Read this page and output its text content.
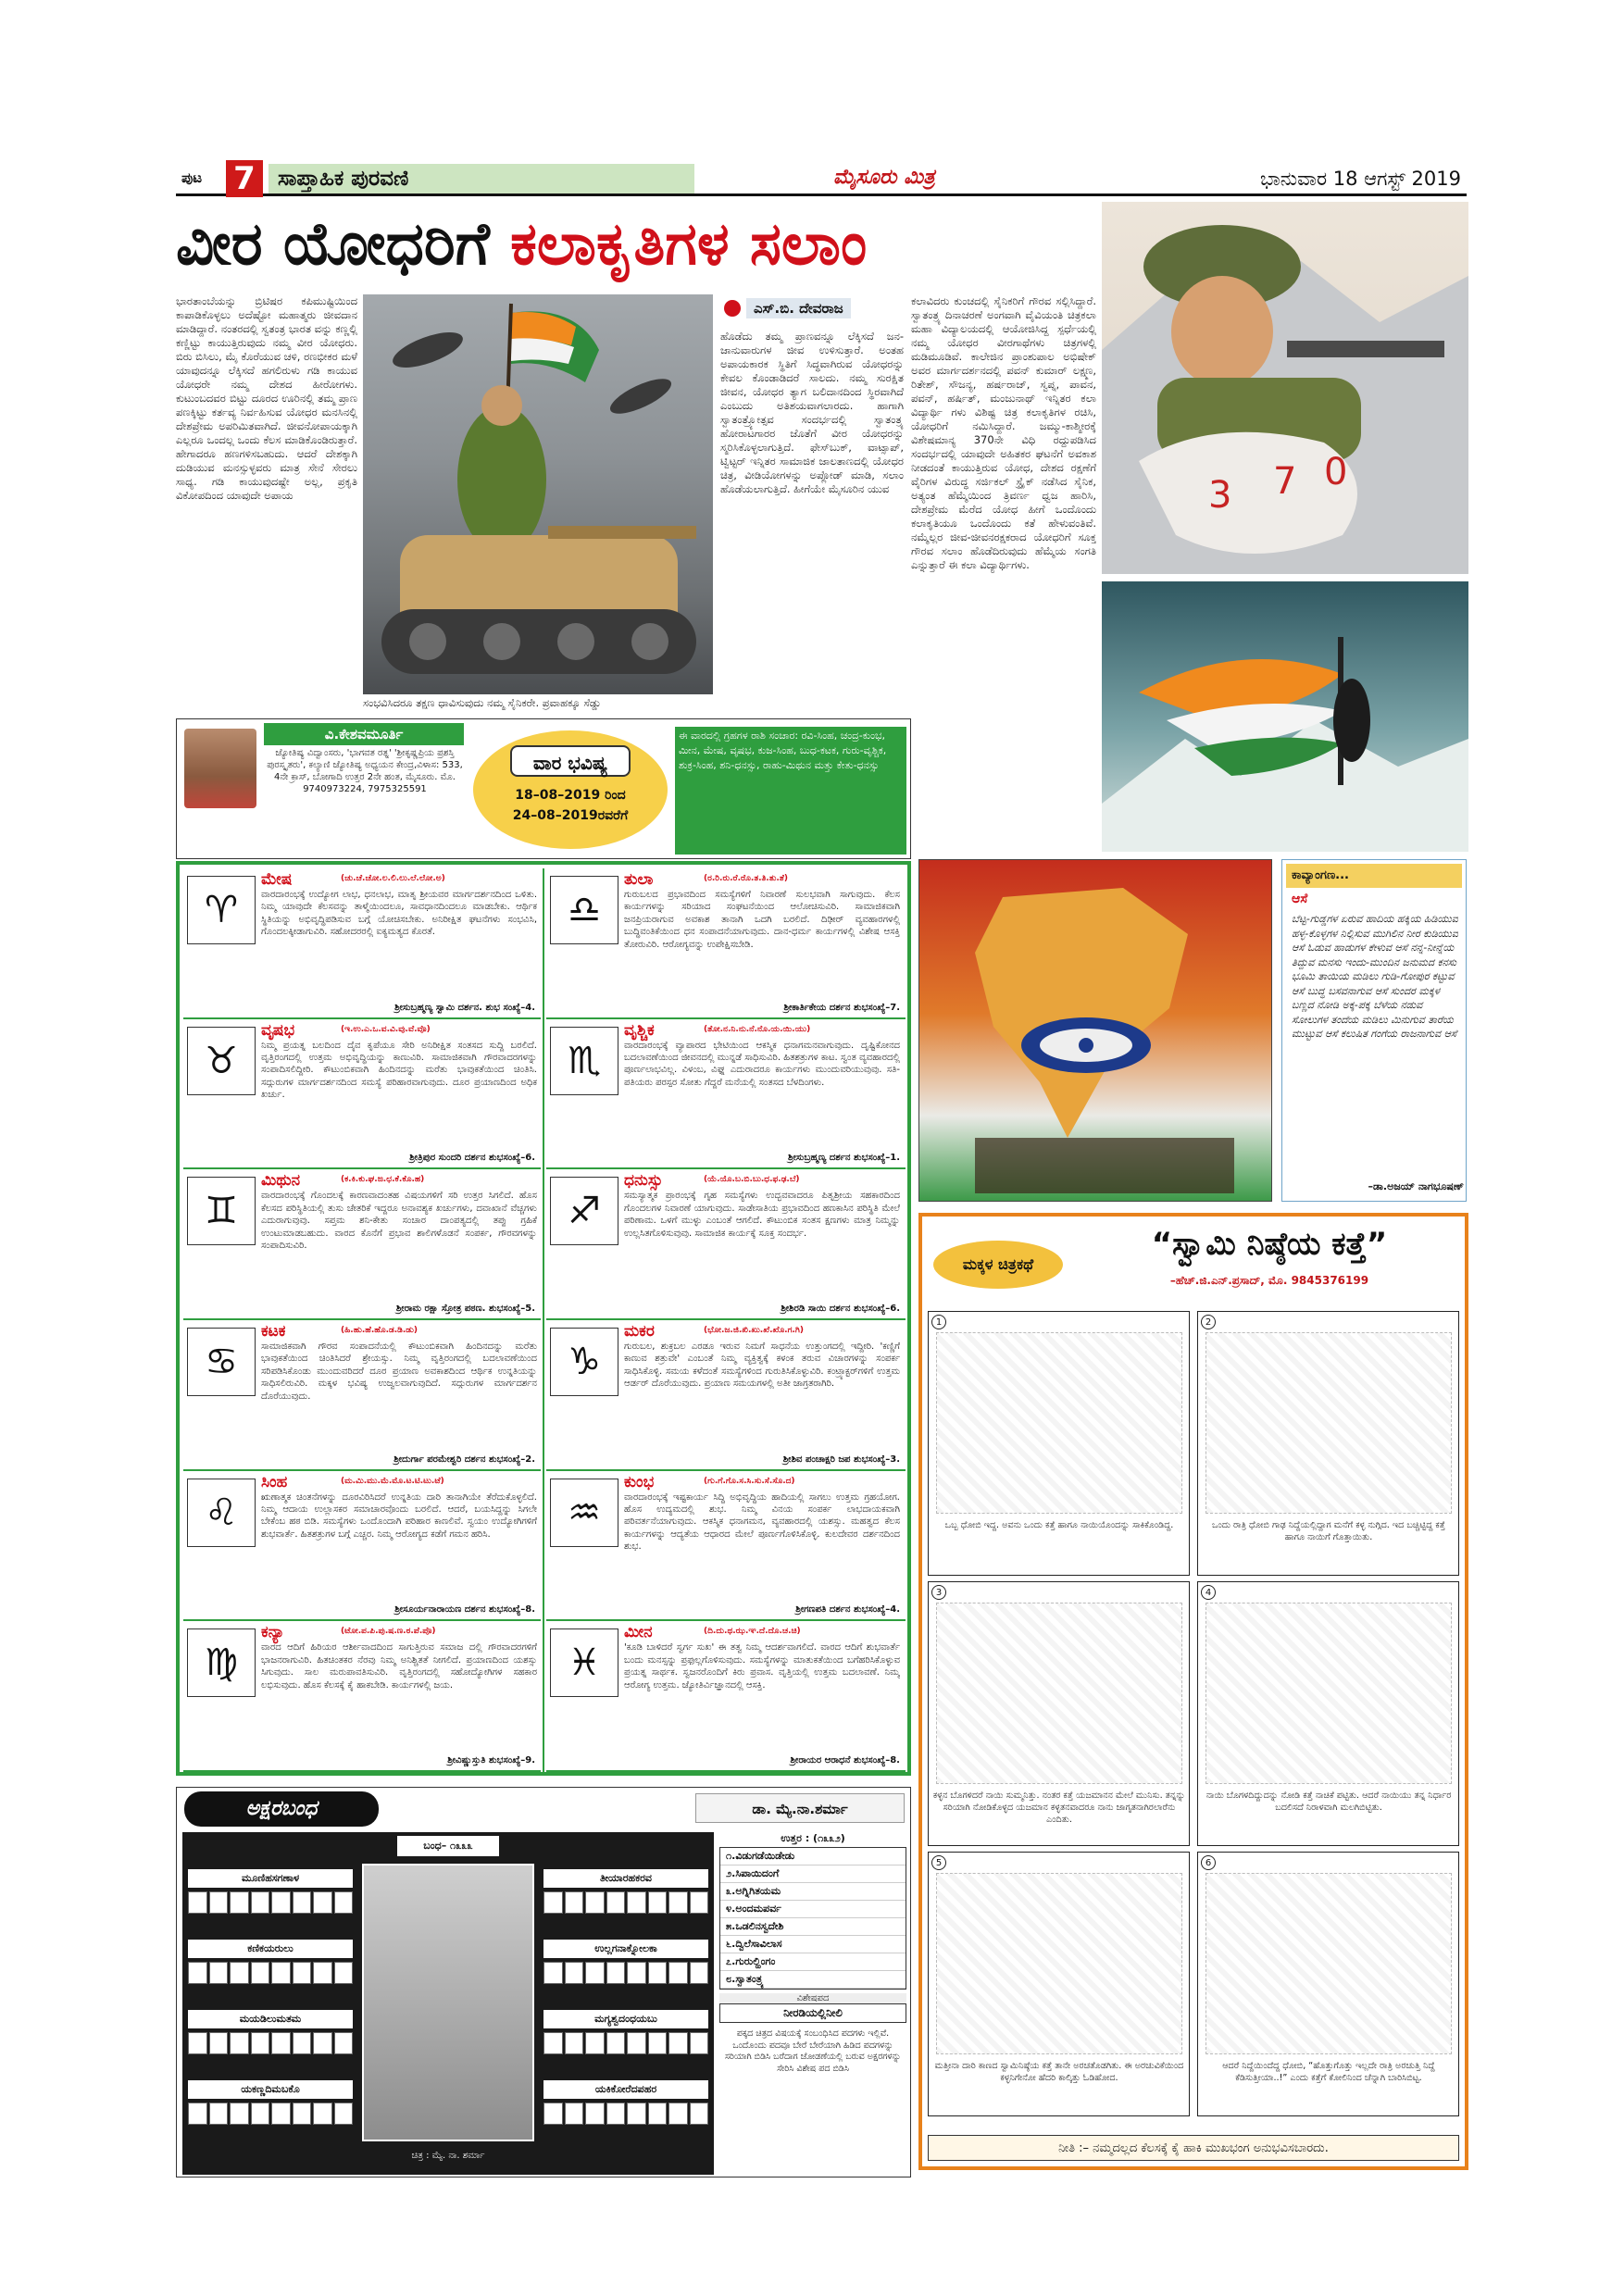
ಪುಟ 7	ಸಾಪ್ತಾಹಿಕ ಪುರವಣಿ	ಮೈಸೂರು ಮಿತ್ರ	ಭಾನುವಾರ 18 ಆಗಸ್ಟ್ 2019
ವೀರ ಯೋಧರಿಗೆ ಕಲಾಕೃತಿಗಳ ಸಲಾಂ
ಭಾರತಾಂಬೆಯನ್ನು ಬ್ರಿಟಿಷರ ಕಪಿಮುಷ್ಟಿಯಿಂದ ಕಾಪಾಡಿಕೊಳ್ಳಲು ಅದೆಷ್ಟೋ ಮಹಾತ್ಮರು ಜೀವದಾನ ಮಾಡಿದ್ದಾರೆ. ನಂತರದಲ್ಲಿ ಸ್ವತಂತ್ರ ಭಾರತ ವನ್ನು ಕಣ್ಣಲ್ಲಿ ಕಣ್ಣಿಟ್ಟು ಕಾಯುತ್ತಿರುವುದು ನಮ್ಮ ವೀರ ಯೋಧರು. ಬಿರು ಬಿಸಿಲು, ಮೈ ಕೊರೆಯುವ ಚಳಿ, ರಣಭೀಕರ ಮಳೆ ಯಾವುದನ್ನೂ ಲೆಕ್ಕಿಸದೆ ಹಗಲಿರುಳು ಗಡಿ ಕಾಯುವ ಯೋಧರೇ ನಮ್ಮ ದೇಶದ ಹೀರೋಗಳು. ಕುಟುಂಬದವರ ಬಿಟ್ಟು ದೂರದ ಊರಿನಲ್ಲಿ ತಮ್ಮ ಪ್ರಾಣ ಪಣಕ್ಕಿಟ್ಟು ಕರ್ತವ್ಯ ನಿರ್ವಹಿಸುವ ಯೋಧರ ಮನಸಿನಲ್ಲಿ ದೇಶಪ್ರೇಮ ಅಪರಿಮಿತವಾಗಿದೆ. ಜೀವನೋಪಾಯಕ್ಕಾಗಿ ಎಲ್ಲರೂ ಒಂದಲ್ಲ ಒಂದು ಕೆಲಸ ಮಾಡಿಕೊಂಡಿರುತ್ತಾರೆ. ಹೇಗಾದರೂ ಹಣಗಳಿಸಬಹುದು. ಆದರೆ ದೇಶಕ್ಕಾಗಿ ದುಡಿಯುವ ಮನಸ್ಸುಳ್ಳವರು ಮಾತ್ರ ಸೇನೆ ಸೇರಲು ಸಾಧ್ಯ. ಗಡಿ ಕಾಯುವುದಷ್ಟೇ ಅಲ್ಲ, ಪ್ರಕೃತಿ ವಿಕೋಪದಿಂದ ಯಾವುದೇ ಅಪಾಯ
ಸಂಭವಿಸಿದರೂ ತಕ್ಷಣ ಧಾವಿಸುವುದು ನಮ್ಮ ಸೈನಿಕರೇ. ಪ್ರವಾಹಕ್ಕೂ ಸೆಡ್ಡು
ಎಸ್.ಬಿ. ದೇವರಾಜ
ಹೊಡೆದು ತಮ್ಮ ಪ್ರಾಣವನ್ನೂ ಲೆಕ್ಕಿಸದೆ ಜನ-ಜಾನುವಾರುಗಳ ಜೀವ ಉಳಿಸುತ್ತಾರೆ. ಅಂತಹ ಅಪಾಯಕಾರಕ ಸ್ಥಿತಿಗೆ ಸಿದ್ಧವಾಗಿರುವ ಯೋಧರನ್ನು ಕೇವಲ ಕೊಂಡಾಡಿದರೆ ಸಾಲದು. ನಮ್ಮ ಸುರಕ್ಷಿತ ಜೀವನ, ಯೋಧರ ತ್ಯಾಗ ಬಲಿದಾನದಿಂದ ಸ್ಥಿರವಾಗಿದೆ ಎಂಬುದು ಅತಿಶಯವಾಗಲಾರದು. ಹಾಗಾಗಿ ಸ್ವಾತಂತ್ರ್ಯೋತ್ಸವ ಸಂದರ್ಭದಲ್ಲಿ ಸ್ವಾತಂತ್ರ್ಯ ಹೋರಾಟಗಾರರ ಜೊತೆಗೆ ವೀರ ಯೋಧರನ್ನು ಸ್ಮರಿಸಿಕೊಳ್ಳಲಾಗುತ್ತಿದೆ. ಫೇಸ್‌ಬುಕ್, ವಾಟ್ಸಾಪ್, ಟ್ವಿಟ್ಟರ್ ಇನ್ನಿತರ ಸಾಮಾಜಿಕ ಜಾಲತಾಣದಲ್ಲಿ ಯೋಧರ ಚಿತ್ರ, ವೀಡಿಯೋಗಳನ್ನು ಅಪ್ಲೋಡ್ ಮಾಡಿ, ಸಲಾಂ ಹೊಡೆಯಲಾಗುತ್ತಿದೆ. ಹೀಗೆಯೇ ಮೈಸೂರಿನ ಯುವ
ಕಲಾವಿದರು ಕುಂಚದಲ್ಲಿ ಸೈನಿಕರಿಗೆ ಗೌರವ ಸಲ್ಲಿಸಿದ್ದಾರೆ. ಸ್ವಾತಂತ್ರ್ಯ ದಿನಾಚರಣೆ ಅಂಗವಾಗಿ ವೈವಿಯಂತಿ ಚಿತ್ರಕಲಾ ಮಹಾ ವಿದ್ಯಾಲಯದಲ್ಲಿ ಆಯೋಜಿಸಿದ್ದ ಸ್ಪರ್ಧೆಯಲ್ಲಿ ನಮ್ಮ ಯೋಧರ ವೀರಗಾಥೆಗಳು ಚಿತ್ರಗಳಲ್ಲಿ ಮಡಿಮೂಡಿವೆ. ಕಾಲೇಜಿನ ಪ್ರಾಂಶುಪಾಲ ಅಭಿಷೇಕ್ ಅವರ ಮಾರ್ಗದರ್ಶನದಲ್ಲಿ ಪವನ್ ಕುಮಾರ್ ಲಕ್ಷ್ಮಣ, ರಿತೇಶ್, ಸೌಜನ್ಯ, ಹರ್ಷರಾಜ್, ಸ್ವಪ್ನ, ಪಾವನ, ಪವನ್, ಹರ್ಷಿತ್, ಮಂಜುನಾಥ್ ಇನ್ನಿತರ ಕಲಾ ವಿದ್ಯಾರ್ಥಿ ಗಳು ವಿಶಿಷ್ಟ ಚಿತ್ರ ಕಲಾಕೃತಿಗಳ ರಚಿಸಿ, ಯೋಧರಿಗೆ ನಮಿಸಿದ್ದಾರೆ. ಜಮ್ಮು-ಕಾಶ್ಮೀರಕ್ಕೆ ವಿಶೇಷಮಾನ್ಯ 370ನೇ ವಿಧಿ ರದ್ದುಪಡಿಸಿದ ಸಂದರ್ಭದಲ್ಲಿ ಯಾವುದೇ ಅಹಿತಕರ ಘಟನೆಗೆ ಅವಕಾಶ ನೀಡದಂತೆ ಕಾಯುತ್ತಿರುವ ಯೋಧ, ದೇಶದ ರಕ್ಷಣೆಗೆ ವೈರಿಗಳ ವಿರುದ್ಧ ಸರ್ಜಿಕಲ್ ಸ್ಟ್ರೈಕ್ ನಡೆಸಿದ ಸೈನಿಕ, ಅತ್ಯಂತ ಹೆಮ್ಮೆಯಿಂದ ತ್ರಿವರ್ಣ ಧ್ವಜ ಹಾರಿಸಿ, ದೇಶಪ್ರೇಮ ಮೆರೆದ ಯೋಧ ಹೀಗೆ ಒಂದೊಂದು ಕಲಾಕೃತಿಯೂ ಒಂದೊಂದು ಕತೆ ಹೇಳುವಂತಿವೆ. ನಮ್ಮೆಲ್ಲರ ಜೀವ-ಜೀವನರಕ್ಷಕರಾದ ಯೋಧರಿಗೆ ಸೂಕ್ತ ಗೌರವ ಸಲಾಂ ಹೊಡೆದಿರುವುದು ಹೆಮ್ಮೆಯ ಸಂಗತಿ ಎನ್ನುತ್ತಾರೆ ಈ ಕಲಾ ವಿದ್ಯಾರ್ಥಿಗಳು.
3 7 0
ವಿ.ಕೇಶವಮೂರ್ತಿ
ಜ್ಯೋತಿಷ್ಯ ವಿದ್ವಾಂಸರು, 'ಭಾಗವತ ರತ್ನ' 'ಶ್ರೀಕೃಷ್ಣಪ್ರಿಯ ಪ್ರಶಸ್ತಿ ಪುರಸ್ಕೃತರು', ಕಲ್ಯಾಣಿ ಜ್ಯೋತಿಷ್ಯ ಅಧ್ಯಯನ ಕೇಂದ್ರ,ವಿಳಾಸ: 533, 4ನೇ ಕ್ರಾಸ್, ಬೋಗಾದಿ ಉತ್ತರ 2ನೇ ಹಂತ, ಮೈಸೂರು. ಮೊ. 9740973224, 7975325591
ವಾರ ಭವಿಷ್ಯ
18–08–2019 ರಿಂದ
24–08–2019ರವರೆಗೆ
ಈ ವಾರದಲ್ಲಿ ಗ್ರಹಗಳ ರಾಶಿ ಸಂಚಾರ: ರವಿ-ಸಿಂಹ, ಚಂದ್ರ-ಕುಂಭ, ಮೀನ, ಮೇಷ, ವೃಷಭ, ಕುಜ-ಸಿಂಹ, ಬುಧ-ಕಟಕ, ಗುರು-ವೃಶ್ಚಿಕ, ಶುಕ್ರ-ಸಿಂಹ, ಶನಿ-ಧನಸ್ಸು, ರಾಹು-ಮಿಥುನ ಮತ್ತು ಕೇತು-ಧನಸ್ಸು
♈
ಮೇಷ	(ಚು.ಚೆ.ಚೋ.ಲ.ಲಿ.ಲು.ಲೆ.ಲೋ.ಅ)
ವಾರದಾರಂಭಕ್ಕೆ ಉದ್ಯೋಗ ಲಾಭ, ಧನಲಾಭ, ಮಾತೃ ಶ್ರೀಯವರ ಮಾರ್ಗದರ್ಶನದಿಂದ ಒಳಿತು. ನಿಮ್ಮ ಯಾವುದೇ ಕೆಲಸವನ್ನು ತಾಳ್ಮೆಯಿಂದಲೂ, ಸಾವಧಾನದಿಂದಲೂ ಮಾಡಬೇಕು. ಆರ್ಥಿಕ ಸ್ಥಿತಿಯನ್ನು ಅಭಿವೃದ್ಧಿಪಡಿಸುವ ಬಗ್ಗೆ ಯೋಚಿಸಬೇಕು. ಅನಿರೀಕ್ಷಿತ ಘಟನೆಗಳು ಸಂಭವಿಸಿ, ಗೊಂದಲಕ್ಕೀಡಾಗುವಿರಿ. ಸಹೋದರರಲ್ಲಿ ಐಕ್ಯಮತ್ಯದ ಕೊರತೆ.
ಶ್ರೀಸುಬ್ರಹ್ಮಣ್ಯ ಸ್ವಾಮಿ ದರ್ಶನ. ಶುಭ ಸಂಖ್ಯೆ–4.
♉
ವೃಷಭ	(ಇ.ಉ.ಎ.ಒ.ವ.ವಿ.ವು.ವೆ.ವೊ)
ನಿಮ್ಮ ಪ್ರಯತ್ನ ಬಲದಿಂದ ದೈವ ಕೃಪೆಯೂ ಸೇರಿ ಅನಿರೀಕ್ಷಿತ ಸಂತಸದ ಸುದ್ದಿ ಬರಲಿದೆ. ವೃತ್ತಿರಂಗದಲ್ಲಿ ಉತ್ತಮ ಅಭಿವೃದ್ಧಿಯನ್ನು ಕಾಣುವಿರಿ. ಸಾಮಾಜಿಕವಾಗಿ ಗೌರವಾದರಗಳನ್ನು ಸಂಪಾದಿಸಲಿದ್ದೀರಿ. ಕೌಟುಂಬಿಕವಾಗಿ ಹಿಂದಿನದನ್ನು ಮರೆತು ಭಾವುಕತೆಯಿಂದ ಚಿಂತಿಸಿ. ಸದ್ಗುರುಗಳ ಮಾರ್ಗದರ್ಶನದಿಂದ ಸಮಸ್ಯೆ ಪರಿಹಾರವಾಗುವುದು. ದೂರ ಪ್ರಯಾಣದಿಂದ ಅಧಿಕ ಖರ್ಚು.
ಶ್ರೀತ್ರಿಪುರ ಸುಂದರಿ ದರ್ಶನ ಶುಭಸಂಖ್ಯೆ–6.
♊
ಮಿಥುನ	(ಕ.ಕಿ.ಕು.ಘ.ಙ.ಛ.ಕೆ.ಕೊ.ಹ)
ವಾರದಾರಂಭಕ್ಕೆ ಗೊಂದಲಕ್ಕೆ ಕಾರಣವಾದಂತಹ ವಿಷಯಗಳಿಗೆ ಸರಿ ಉತ್ತರ ಸಿಗಲಿದೆ. ಹೊಸ ಕೆಲಸದ ಪರಿಸ್ಥಿತಿಯಲ್ಲಿ ತುಸು ಚೇತರಿಕೆ ಇದ್ದರೂ ಅನಾವಶ್ಯಕ ಖರ್ಚುಗಳು, ದವಾಖಾನೆ ವೆಚ್ಚಗಳು ಎದುರಾಗುವುವು. ಸಪ್ತಮ ಶನಿ-ಕೇತು ಸಂಚಾರ ದಾಂಪತ್ಯದಲ್ಲಿ ತಪ್ಪು ಗ್ರಹಿಕೆ ಉಂಟುಮಾಡಬಹುದು. ವಾರದ ಕೊನೆಗೆ ಪ್ರಭಾವ ಶಾಲಿಗಳೊಡನೆ ಸಂಪರ್ಕ, ಗೌರವಗಳನ್ನು ಸಂಪಾದಿಸುವಿರಿ.
ಶ್ರೀರಾಮ ರಕ್ಷಾ ಸ್ತೋತ್ರ ಪಠಣ. ಶುಭಸಂಖ್ಯೆ–5.
♋
ಕಟಕ	(ಹಿ.ಹು.ಹೆ.ಹೊ.ಡ.ಡಿ.ಡು)
ಸಾಮಾಜಿಕವಾಗಿ ಗೌರವ ಸಂಪಾದನೆಯಲ್ಲಿ ಕೌಟುಂಬಿಕವಾಗಿ ಹಿಂದಿನದನ್ನು ಮರೆತು ಭಾವುಕತೆಯಿಂದ ಚಿಂತಿಸಿದರೆ ಶ್ರೇಯಸ್ಸು. ನಿಮ್ಮ ವೃತ್ತಿರಂಗದಲ್ಲಿ ಬದಲಾವಣೆಯಿಂದ ಸರಿಪಡಿಸಿಕೊಂಡು ಮುಂದುವರಿದರೆ ದೂರ ಪ್ರಯಾಣ ಅವಕಾಶದಿಂದ ಆರ್ಥಿಕ ಉನ್ನತಿಯನ್ನು ಸಾಧಿಸಲಿರುವಿರಿ. ಮಕ್ಕಳ ಭವಿಷ್ಯ ಉಜ್ವಲವಾಗುವುದಿದೆ. ಸದ್ಗುರುಗಳ ಮಾರ್ಗದರ್ಶನ ದೊರೆಯುವುದು.
ಶ್ರೀದುರ್ಗಾ ಪರಮೇಶ್ವರಿ ದರ್ಶನ ಶುಭಸಂಖ್ಯೆ–2.
♌
ಸಿಂಹ	(ಮ.ಮಿ.ಮು.ಮೆ.ಮೊ.ಟ.ಟಿ.ಟು.ಟೆ)
ಋಣಾತ್ಮಕ ಚಿಂತನೆಗಳನ್ನು ದೂರವಿರಿಸಿದರೆ ಉನ್ನತಿಯ ದಾರಿ ತಾನಾಗಿಯೇ ತೆರೆದುಕೊಳ್ಳಲಿದೆ. ನಿಮ್ಮ ಆದಾಯ ಉಲ್ಲಾಸಕರ ಸಮಾಚಾರವೊಂದು ಬರಲಿದೆ. ಆದರೆ, ಬಯಸಿದ್ದನ್ನು ಸಿಗಲೇ ಬೇಕೆಂಬ ಹಠ ಬಿಡಿ. ಸಮಸ್ಯೆಗಳು ಒಂದೊಂದಾಗಿ ಪರಿಹಾರ ಕಾಣಲಿವೆ. ಸ್ವಯಂ ಉದ್ಯೋಗಿಗಳಿಗೆ ಶುಭವಾರ್ತೆ. ಹಿತಶತ್ರುಗಳ ಬಗ್ಗೆ ಎಚ್ಚರ. ನಿಮ್ಮ ಆರೋಗ್ಯದ ಕಡೆಗೆ ಗಮನ ಹರಿಸಿ.
ಶ್ರೀಸೂರ್ಯನಾರಾಯಣ ದರ್ಶನ ಶುಭಸಂಖ್ಯೆ–8.
♍
ಕನ್ಯಾ	(ಟೋ.ಪ.ಪಿ.ಪು.ಷ.ಣ.ಠ.ಪೆ.ಪೊ)
ವಾರದ ಆದಿಗೆ ಹಿರಿಯರ ಆರ್ಶೀವಾದದಿಂದ ಸಾಗುತ್ತಿರುವ ಸಮಾಜ ದಲ್ಲಿ ಗೌರವಾದರಗಳಿಗೆ ಭಾಜನರಾಗುವಿರಿ. ಹಿತಚಿಂತಕರ ನೆರವು ನಿಮ್ಮ ಅನಿಶ್ಚಿತತೆ ನೀಗಲಿದೆ. ಪ್ರಯಾಣದಿಂದ ಯಶಸ್ಸು ಸಿಗುವುದು. ಸಾಲ ಮರುಪಾವತಿಸುವಿರಿ. ವೃತ್ತಿರಂಗದಲ್ಲಿ ಸಹೋದ್ಯೋಗಿಗಳ ಸಹಕಾರ ಲಭಿಸುವುದು. ಹೊಸ ಕೆಲಸಕ್ಕೆ ಕೈ ಹಾಕಬೇಡಿ. ಕಾರ್ಯಗಳಲ್ಲಿ ಜಯ.
ಶ್ರೀವಿಷ್ಣುಸ್ತುತಿ ಶುಭಸಂಖ್ಯೆ–9.
♎
ತುಲಾ	(ರ.ರಿ.ರು.ರೆ.ರೊ.ತ.ತಿ.ತು.ತೆ)
ಗುರುಬಲದ ಪ್ರಭಾವದಿಂದ ಸಮಸ್ಯೆಗಳಿಗೆ ನಿವಾರಣೆ ಸುಲಭವಾಗಿ ಸಾಗುವುದು. ಕೆಲಸ ಕಾರ್ಯಗಳನ್ನು ಸರಿಯಾದ ಸಂಘಟನೆಯಿಂದ ಆಲೋಚಿಸುವಿರಿ. ಸಾಮಾಜಿಕವಾಗಿ ಜನಪ್ರಿಯರಾಗುವ ಅವಕಾಶ ತಾನಾಗಿ ಒದಗಿ ಬರಲಿದೆ. ದಿಢೀರ್ ವ್ಯವಹಾರಗಳಲ್ಲಿ ಬುದ್ಧಿವಂತಿಕೆಯಿಂದ ಧನ ಸಂಪಾದನೆಯಾಗುವುದು. ದಾನ-ಧರ್ಮ ಕಾರ್ಯಗಳಲ್ಲಿ ವಿಶೇಷ ಆಸಕ್ತಿ ತೋರುವಿರಿ. ಆರೋಗ್ಯವನ್ನು ಉಪೇಕ್ಷಿಸಬೇಡಿ.
ಶ್ರೀಕಾರ್ತಿಕೇಯ ದರ್ಶನ ಶುಭಸಂಖ್ಯೆ–7.
♏
ವೃಶ್ಚಿಕ	(ತೋ.ನ.ನಿ.ನು.ನೆ.ನೊ.ಯ.ಯಿ.ಯು)
ವಾರದಾರಂಭಕ್ಕೆ ವ್ಯಾಪಾರದ ಭೇಟಿಯಿಂದ ಆಕಸ್ಮಿಕ ಧನಾಗಮನವಾಗುವುದು. ದೃಷ್ಟಿಕೋನದ ಬದಲಾವಣೆಯಿಂದ ಜೀವನದಲ್ಲಿ ಮುನ್ನಡೆ ಸಾಧಿಸುವಿರಿ. ಹಿತಶತ್ರುಗಳ ಕಾಟ. ಸ್ವಂತ ವ್ಯವಹಾರದಲ್ಲಿ ಪೂರ್ಣಲಾಭವಿಲ್ಲ. ವಿಳಂಬ, ವಿಘ್ನ ಎದುರಾದರೂ ಕಾರ್ಯಗಳು ಮುಂದುವರಿಯುವುವು. ಸತಿ-ಪತಿಯರು ಪರಸ್ಪರ ಸೋತು ಗೆದ್ದರೆ ಮನೆಯಲ್ಲಿ ಸಂತಸದ ಬೆಳದಿಂಗಳು.
ಶ್ರೀಸುಬ್ರಹ್ಮಣ್ಯ ದರ್ಶನ ಶುಭಸಂಖ್ಯೆ–1.
♐
ಧನುಸ್ಸು	(ಯೆ.ಯೊ.ಬ.ಬಿ.ಬು.ಧ.ಫ.ಢ.ಬೆ)
ಸಮಸ್ಯಾತ್ಮಕ ಪ್ರಾರಂಭಕ್ಕೆ ಗೃಹ ಸಮಸ್ಯೆಗಳು ಉದ್ಭವವಾದರೂ ಪಿತೃಶ್ರೀಯ ಸಹಕಾರದಿಂದ ಗೊಂದಲಗಳ ನಿವಾರಣೆ ಯಾಗುವುದು. ಸಾಡೇಸಾತಿಯ ಪ್ರಭಾವದಿಂದ ಹಣಕಾಸಿನ ಪರಿಸ್ಥಿತಿ ಮೇಲೆ ಪರಿಣಾಮ. ಒಳಗೆ ಮುಳ್ಳು ಎಂಬಂತೆ ಆಗಲಿದೆ. ಕೌಟುಂಬಿಕ ಸಂತಸ ಕ್ಷಣಗಳು ಮಾತ್ರ ನಿಮ್ಮನ್ನು ಉಲ್ಲಸಿತಗೊಳಿಸುವುವು. ಸಾಮಾಜಿಕ ಕಾರ್ಯಕ್ಕೆ ಸೂಕ್ತ ಸಂದರ್ಭ.
ಶ್ರೀಶಿರಡಿ ಸಾಯಿ ದರ್ಶನ ಶುಭಸಂಖ್ಯೆ–6.
♑
ಮಕರ	(ಭೋ.ಜ.ಜಿ.ಖಿ.ಖು.ಖೆ.ಖೊ.ಗ.ಗಿ)
ಗುರುಬಲ, ಶುಕ್ರಬಲ ಎರಡೂ ಇರುವ ನಿಮಗೆ ಸಾಧನೆಯ ಉತ್ತುಂಗದಲ್ಲಿ ಇದ್ದೀರಿ. 'ಕಣ್ಣಿಗೆ ಕಾಣುವ ಶತ್ರುವೇ' ಎಂಬಂತೆ ನಿಮ್ಮ ವ್ಯಕ್ತಿತ್ವಕ್ಕೆ ಕಳಂಕ ತರುವ ವಿಚಾರಗಳನ್ನು ಸಂಪರ್ಕ ಸಾಧಿಸಿಕೊಳ್ಳಿ. ಸಮಯ ಕಳೆದಂತೆ ಸಮಸ್ಯೆಗಳಿಂದ ಗುರುತಿಸಿಕೊಳ್ಳುವಿರಿ. ಕಂಟ್ರ್ಯಾಕ್ಟರ್‌ಗಳಿಗೆ ಉತ್ತಮ ಆರ್ಡರ್ ದೊರೆಯುವುದು. ಪ್ರಯಾಣ ಸಮಯಗಳಲ್ಲಿ ಅತೀ ಜಾಗ್ರತರಾಗಿರಿ.
ಶ್ರೀಶಿವ ಪಂಚಾಕ್ಷರಿ ಜಪ ಶುಭಸಂಖ್ಯೆ–3.
♒
ಕುಂಭ	(ಗು.ಗೆ.ಗೊ.ಸ.ಸಿ.ಸು.ಸೆ.ಸೊ.ದ)
ವಾರದಾರಂಭಕ್ಕೆ ಇಷ್ಟಕಾರ್ಯ ಸಿದ್ಧಿ ಅಭಿವೃದ್ಧಿಯ ಹಾದಿಯಲ್ಲಿ ಸಾಗಲು ಉತ್ತಮ ಗ್ರಹಯೋಗ. ಹೊಸ ಉದ್ಯಮದಲ್ಲಿ ಶುಭ. ನಿಮ್ಮ ವಿನಯ ಸಂಪರ್ಕ ಲಾಭದಾಯಕವಾಗಿ ಪರಿವರ್ತನೆಯಾಗುವುದು. ಆಕಸ್ಮಿಕ ಧನಾಗಮನ, ವ್ಯವಹಾರದಲ್ಲಿ ಯಶಸ್ಸು. ಮಹತ್ವದ ಕೆಲಸ ಕಾರ್ಯಗಳನ್ನು ಆದ್ಯತೆಯ ಆಧಾರದ ಮೇಲೆ ಪೂರ್ಣಗೊಳಿಸಿಕೊಳ್ಳಿ. ಕುಲದೇವರ ದರ್ಶನದಿಂದ ಶುಭ.
ಶ್ರೀಗಣಪತಿ ದರ್ಶನ ಶುಭಸಂಖ್ಯೆ–4.
♓
ಮೀನ	(ದಿ.ದು.ಥ.ಝ.ಞ.ದೆ.ದೊ.ಚ.ಚಿ)
'ಕೂಡಿ ಬಾಳಿದರೆ ಸ್ವರ್ಗ ಸುಖ' ಈ ತತ್ವ ನಿಮ್ಮ ಆದರ್ಶವಾಗಲಿದೆ. ವಾರದ ಆದಿಗೆ ಶುಭವಾರ್ತೆ ಬಂದು ಮನಸ್ಸನ್ನು ಪ್ರಫುಲ್ಲಗೊಳಿಸುವುದು. ಸಮಸ್ಯೆಗಳನ್ನು ಮಾತುಕತೆಯಿಂದ ಬಗೆಹರಿಸಿಕೊಳ್ಳುವ ಪ್ರಯತ್ನ ಸಾರ್ಥಕ. ಸ್ವಜನರೊಂದಿಗೆ ಕಿರು ಪ್ರವಾಸ. ವೃತ್ತಿಯಲ್ಲಿ ಉತ್ತಮ ಬದಲಾವಣೆ. ನಿಮ್ಮ ಆರೋಗ್ಯ ಉತ್ತಮ. ಜ್ಯೋತಿರ್ವಿಜ್ಞಾನದಲ್ಲಿ ಆಸಕ್ತಿ.
ಶ್ರೀರಾಯರ ಆರಾಧನೆ ಶುಭಸಂಖ್ಯೆ–8.
ಕಾವ್ಯಾಂಗಣ...
ಆಸೆ
ಬೆಟ್ಟ-ಗುಡ್ಡಗಳ ಏರುವ ಹಾದಿಯ ಹಕ್ಕಿಯ ಹಿಡಿಯುವ ಹಳ್ಳ-ಕೊಳ್ಳಗಳ ನಿಲ್ಲಿಸುವ ಮುಗಿಲಿನ ನೀರ ಕುಡಿಯುವ ಆಸೆ ಓಡುವ ಹಾಡುಗಳ ಕೇಳುವ ಆಸೆ ನನ್ನ-ನೀನ್ನೆಯ ತಿದ್ದುವ ಮನಸು ಇಂದು-ಮುಂದಿನ ಜನುಮದ ಕನಸು ಭೂಮಿ ತಾಯಿಯ ಮಡಿಲು ಗುಡಿ-ಗೋಪುರ ಕಟ್ಟುವ ಆಸೆ ಬುದ್ಧ ಬಸವನಾಗುವ ಆಸೆ ಸುಂದರ ಮಕ್ಕಳ ಬಣ್ಣದ ನೋಡಿ ಅಕ್ಕ-ಪಕ್ಕ ಬೆಳೆಯ ನಡುವ ಸೋಲುಗಳ ತಂದೆಯ ಮಡಿಲು ಮಿನುಗುವ ತಾರೆಯ ಮುಟ್ಟುವ ಆಸೆ ಕಲುಷಿತ ಗಂಗೆಯ ರಾಜನಾಗುವ ಆಸೆ
–ಡಾ.ಅಜಯ್ ನಾಗಭೂಷಣ್
ಮಕ್ಕಳ ಚಿತ್ರಕಥೆ
“ಸ್ವಾಮಿ ನಿಷ್ಠೆಯ ಕತ್ತೆ”
–ಹೆಚ್.ಜಿ.ಎನ್.ಪ್ರಸಾದ್, ಮೊ. 9845376199
1
ಒಬ್ಬ ಧೋಬಿ ಇದ್ದ. ಅವನು ಒಂದು ಕತ್ತೆ ಹಾಗೂ ನಾಯಿಯೊಂದನ್ನು ಸಾಕಿಕೊಂಡಿದ್ದ.
2
ಒಂದು ರಾತ್ರಿ ಧೋಬಿ ಗಾಢ ನಿದ್ದೆಯಲ್ಲಿದ್ದಾಗ ಮನೆಗೆ ಕಳ್ಳ ನುಗ್ಗಿದ. ಇದ ಬಚ್ಚಿಟ್ಟಿದ್ದ ಕತ್ತೆ ಹಾಗೂ ನಾಯಿಗೆ ಗೊತ್ತಾಯಿತು.
3
ಕಳ್ಳನ ಬೊಗಳಿದರೆ ನಾಯಿ ಸುಮ್ಮನಿತ್ತು. ನಂತರ ಕತ್ತೆ ಯಜಮಾನನ ಮೇಲೆ ಮುನಿಸು. ತನ್ನನ್ನು ಸರಿಯಾಗಿ ನೋಡಿಕೊಳ್ಳದ ಯಜಮಾನ ಕಳ್ಳತನವಾದರೂ ನಾನು ಜಾಗೃತನಾಗಿರಲಾರೆನು ಎಂದಿತು.
4
ನಾಯಿ ಬೊಗಳದಿದ್ದುದನ್ನು ನೋಡಿ ಕತ್ತೆ ನಾಚಿಕೆ ಪಟ್ಟಿತು. ಆದರೆ ನಾಯಿಯು ತನ್ನ ನಿರ್ಧಾರ ಬದಲಿಸದೆ ನಿರಾಳವಾಗಿ ಮಲಗಿಬಿಟ್ಟಿತು.
5
ಮತ್ತೀನಾ ದಾರಿ ಕಾಣದ ಸ್ವಾಮಿನಿಷ್ಠೆಯ ಕತ್ತೆ ತಾನೇ ಅರಚತೊಡಗಿತು. ಈ ಅರಚುವಿಕೆಯಿಂದ ಕಳ್ಳನಿಗೇನೋ ಹೆದರಿ ಕಾಲ್ಕಿತ್ತು ಓಡಿಹೋದ.
6
ಆದರೆ ನಿದ್ದೆಯಿಂದೆದ್ದ ಧೋಬಿ, “ಹೊತ್ತುಗೊತ್ತು ಇಲ್ಲದೇ ರಾತ್ರಿ ಅರಚುತ್ತಿ ನಿದ್ದೆ ಕೆಡಿಸುತ್ತೀಯಾ..!” ಎಂದು ಕತ್ತೆಗೆ ಕೋಲಿನಿಂದ ಚೆನ್ನಾಗಿ ಬಾರಿಸಿಬಿಟ್ಟ.
ನೀತಿ :– ನಮ್ಮದಲ್ಲದ ಕೆಲಸಕ್ಕೆ ಕೈ ಹಾಕಿ ಮುಖಭಂಗ ಅನುಭವಿಸಬಾರದು.
ಅಕ್ಷರಬಂಧ	ಡಾ. ಮ್ಯೆ.ನಾ.ಶರ್ಮಾ
ಬಂಧ– ೧೩೩೩
ಮೂಣಿಹಸಗಣಾಳ
ಕಣಿಕಯರುಲು
ಮಯಡಿಲುಮತಮ
ಯಕಣ್ಣದಿಮಬಕೊ
ತೀಯಾರಹಕರವ
ಉಲ್ಲಗನಾಕ್ನೋಲಕಾ
ಮಗ್ಯಶ್ವದಂಧಯಬು
ಯಕಿಕೋರೆದಪಹರ
ಚಿತ್ರ : ಮ್ಯೆ. ನಾ. ಶರ್ಮಾ
ಉತ್ತರ : (೧೩೩೨)
೧.ವಿಡುಗಡೆಯಿಡೇಡು
೨.ಸಿಪಾಯಿದಂಗೆ
೩.ಅಗ್ನಿಗಿತಯಮ
೪.ಅಂದಮಪರ್ವ
೫.ಒಡಲಿನಸ್ವದೇಶಿ
೬.ದ್ವಿಲೆಸಾವಿಲಾಸ
೭.ಗುರುಲ್ಹಿಂಗಂ
೮.ಸ್ವಾತಂತ್ರ್ಯ
ವಿಶೇಷಪದ
ನೀರಡಿಯಲ್ಲಿನೀಲಿ
ಪಕ್ಕದ ಚಿತ್ರದ ವಿಷಯಕ್ಕೆ ಸಂಬಂಧಿಸಿದ ಪದಗಳು ಇಲ್ಲಿವೆ. ಒಂದೊಂದು ಪದವೂ ಬೇರೆ ಬೇರೆಯಾಗಿ ಹಿಡಿದ ಪದಗಳನ್ನು ಸರಿಯಾಗಿ ಬಿಡಿಸಿ ಬರೆದಾಗ ಜೋಡಣೆಯಲ್ಲಿ ಬರುವ ಅಕ್ಷರಗಳನ್ನು ಸೇರಿಸಿ ವಿಶೇಷ ಪದ ಬಿಡಿಸಿ
